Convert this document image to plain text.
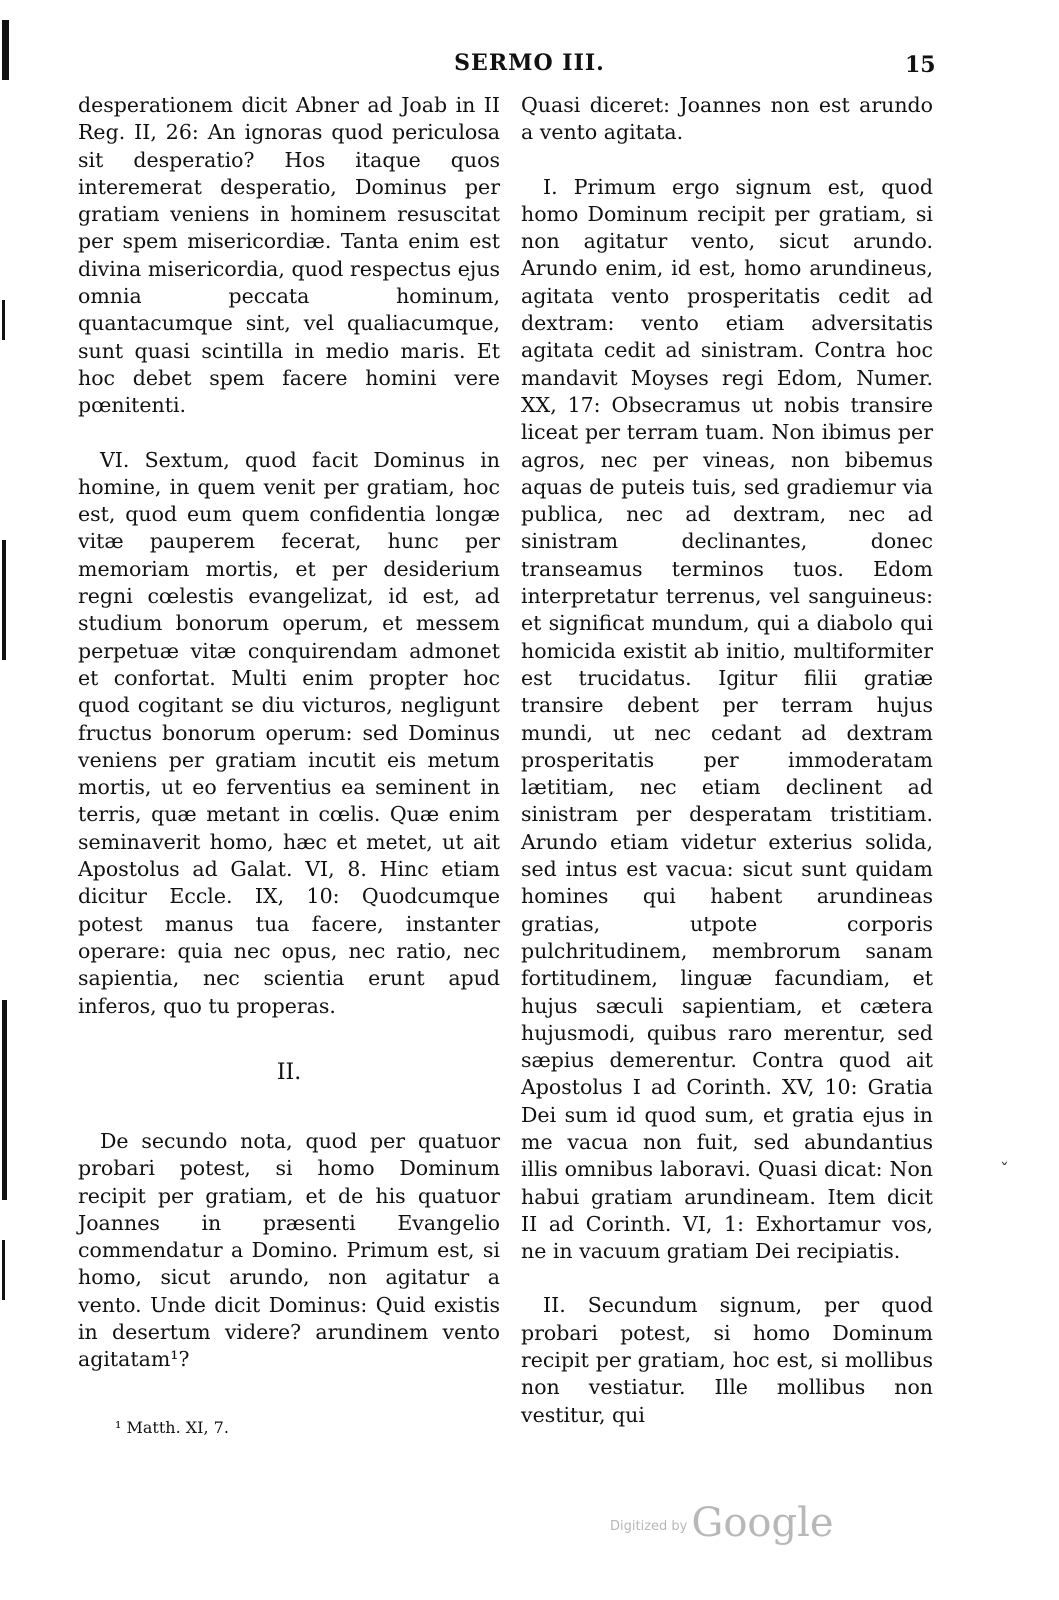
SERMO III.	15

desperationem dicit Abner ad Joab in II Reg. II, 26: An ignoras quod periculosa sit desperatio? Hos itaque quos interemerat desperatio, Dominus per gratiam veniens in hominem resuscitat per spem misericordiæ. Tanta enim est divina misericordia, quod respectus ejus omnia peccata hominum, quantacumque sint, vel qualiacumque, sunt quasi scintilla in medio maris. Et hoc debet spem facere homini vere pœnitenti.

VI. Sextum, quod facit Dominus in homine, in quem venit per gratiam, hoc est, quod eum quem confidentia longæ vitæ pauperem fecerat, hunc per memoriam mortis, et per desiderium regni cœlestis evangelizat, id est, ad studium bonorum operum, et messem perpetuæ vitæ conquirendam admonet et confortat. Multi enim propter hoc quod cogitant se diu victuros, negligunt fructus bonorum operum: sed Dominus veniens per gratiam incutit eis metum mortis, ut eo ferventius ea seminent in terris, quæ metant in cœlis. Quæ enim seminaverit homo, hæc et metet, ut ait Apostolus ad Galat. VI, 8. Hinc etiam dicitur Eccle. IX, 10: Quodcumque potest manus tua facere, instanter operare: quia nec opus, nec ratio, nec sapientia, nec scientia erunt apud inferos, quo tu properas.

II.

De secundo nota, quod per quatuor probari potest, si homo Dominum recipit per gratiam, et de his quatuor Joannes in præsenti Evangelio commendatur a Domino. Primum est, si homo, sicut arundo, non agitatur a vento. Unde dicit Dominus: Quid existis in desertum videre? arundinem vento agitatam¹?

¹ Matth. XI, 7.

Quasi diceret: Joannes non est arundo a vento agitata.

I. Primum ergo signum est, quod homo Dominum recipit per gratiam, si non agitatur vento, sicut arundo. Arundo enim, id est, homo arundineus, agitata vento prosperitatis cedit ad dextram: vento etiam adversitatis agitata cedit ad sinistram. Contra hoc mandavit Moyses regi Edom, Numer. XX, 17: Obsecramus ut nobis transire liceat per terram tuam. Non ibimus per agros, nec per vineas, non bibemus aquas de puteis tuis, sed gradiemur via publica, nec ad dextram, nec ad sinistram declinantes, donec transeamus terminos tuos. Edom interpretatur terrenus, vel sanguineus: et significat mundum, qui a diabolo qui homicida existit ab initio, multiformiter est trucidatus. Igitur filii gratiæ transire debent per terram hujus mundi, ut nec cedant ad dextram prosperitatis per immoderatam lætitiam, nec etiam declinent ad sinistram per desperatam tristitiam. Arundo etiam videtur exterius solida, sed intus est vacua: sicut sunt quidam homines qui habent arundineas gratias, utpote corporis pulchritudinem, membrorum sanam fortitudinem, linguæ facundiam, et hujus sæculi sapientiam, et cætera hujusmodi, quibus raro merentur, sed sæpius demerentur. Contra quod ait Apostolus I ad Corinth. XV, 10: Gratia Dei sum id quod sum, et gratia ejus in me vacua non fuit, sed abundantius illis omnibus laboravi. Quasi dicat: Non habui gratiam arundineam. Item dicit II ad Corinth. VI, 1: Exhortamur vos, ne in vacuum gratiam Dei recipiatis.

II. Secundum signum, per quod probari potest, si homo Dominum recipit per gratiam, hoc est, si mollibus non vestiatur. Ille mollibus non vestitur, qui

ˇ
$^{Digitized by}$ Google
